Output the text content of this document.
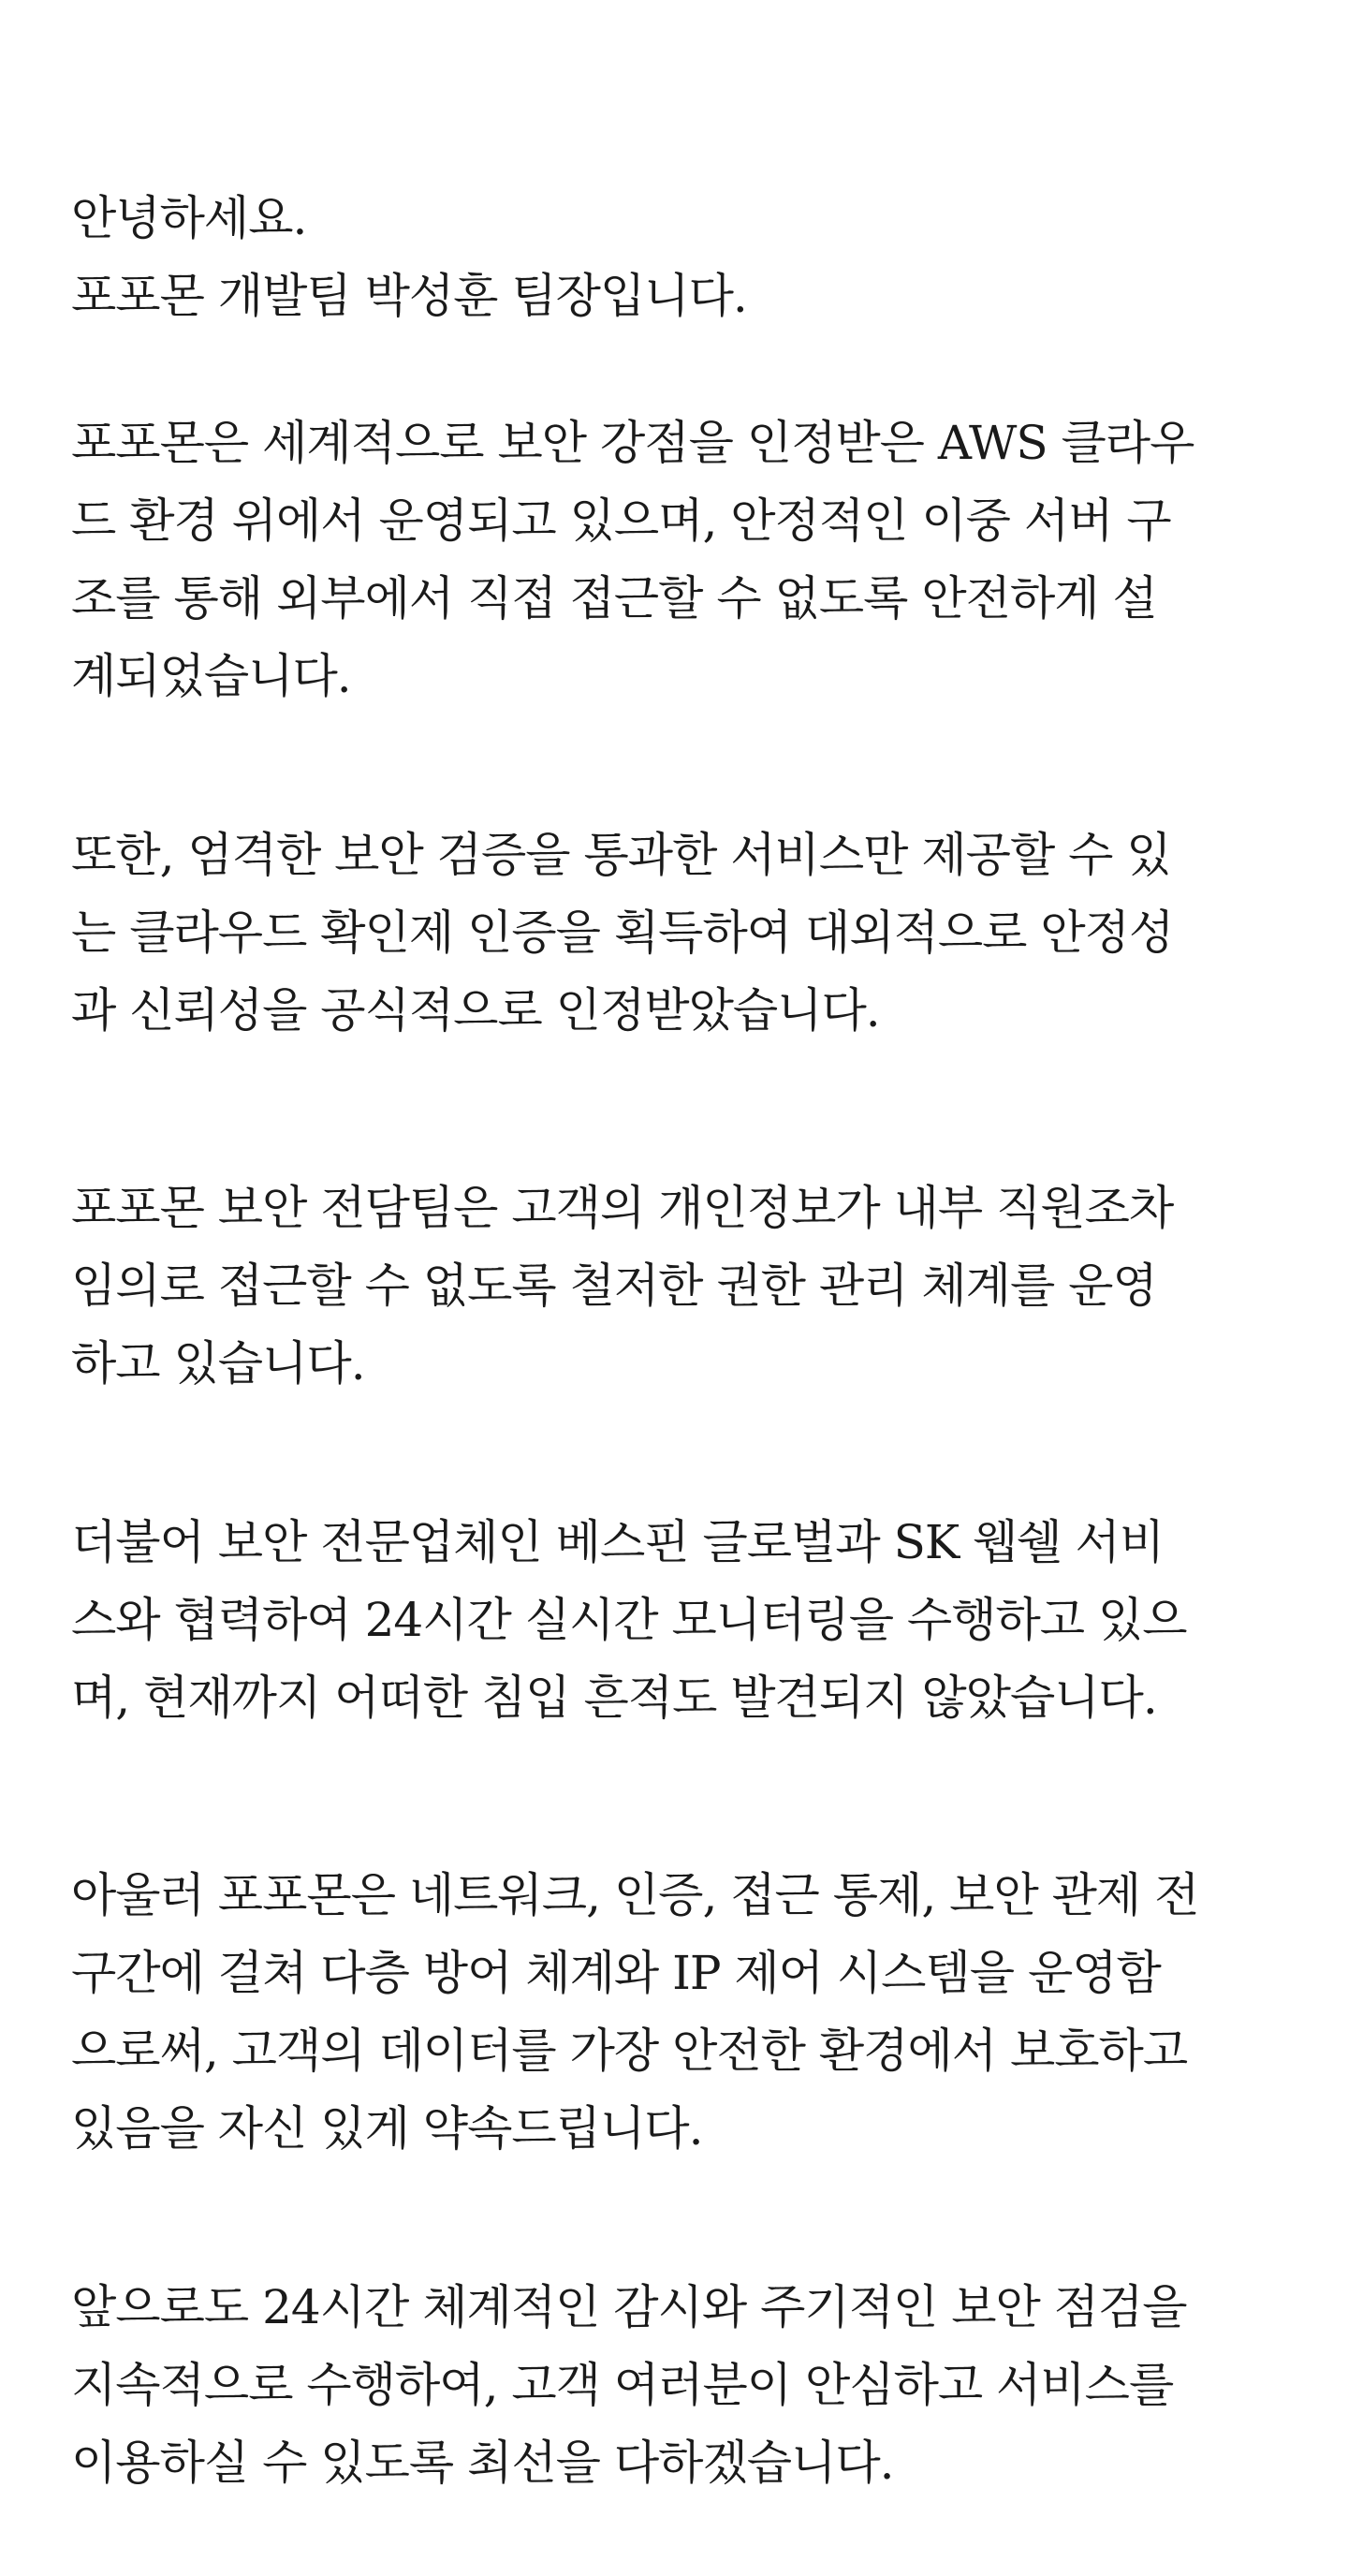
안녕하세요.
포포몬 개발팀 박성훈 팀장입니다.

포포몬은 세계적으로 보안 강점을 인정받은 AWS 클라우
드 환경 위에서 운영되고 있으며, 안정적인 이중 서버 구
조를 통해 외부에서 직접 접근할 수 없도록 안전하게 설
계되었습니다.

또한, 엄격한 보안 검증을 통과한 서비스만 제공할 수 있
는 클라우드 확인제 인증을 획득하여 대외적으로 안정성
과 신뢰성을 공식적으로 인정받았습니다.

포포몬 보안 전담팀은 고객의 개인정보가 내부 직원조차
임의로 접근할 수 없도록 철저한 권한 관리 체계를 운영
하고 있습니다.

더불어 보안 전문업체인 베스핀 글로벌과 SK 웹쉘 서비
스와 협력하여 24시간 실시간 모니터링을 수행하고 있으
며, 현재까지 어떠한 침입 흔적도 발견되지 않았습니다.

아울러 포포몬은 네트워크, 인증, 접근 통제, 보안 관제 전
구간에 걸쳐 다층 방어 체계와 IP 제어 시스템을 운영함
으로써, 고객의 데이터를 가장 안전한 환경에서 보호하고
있음을 자신 있게 약속드립니다.

앞으로도 24시간 체계적인 감시와 주기적인 보안 점검을
지속적으로 수행하여, 고객 여러분이 안심하고 서비스를
이용하실 수 있도록 최선을 다하겠습니다.
